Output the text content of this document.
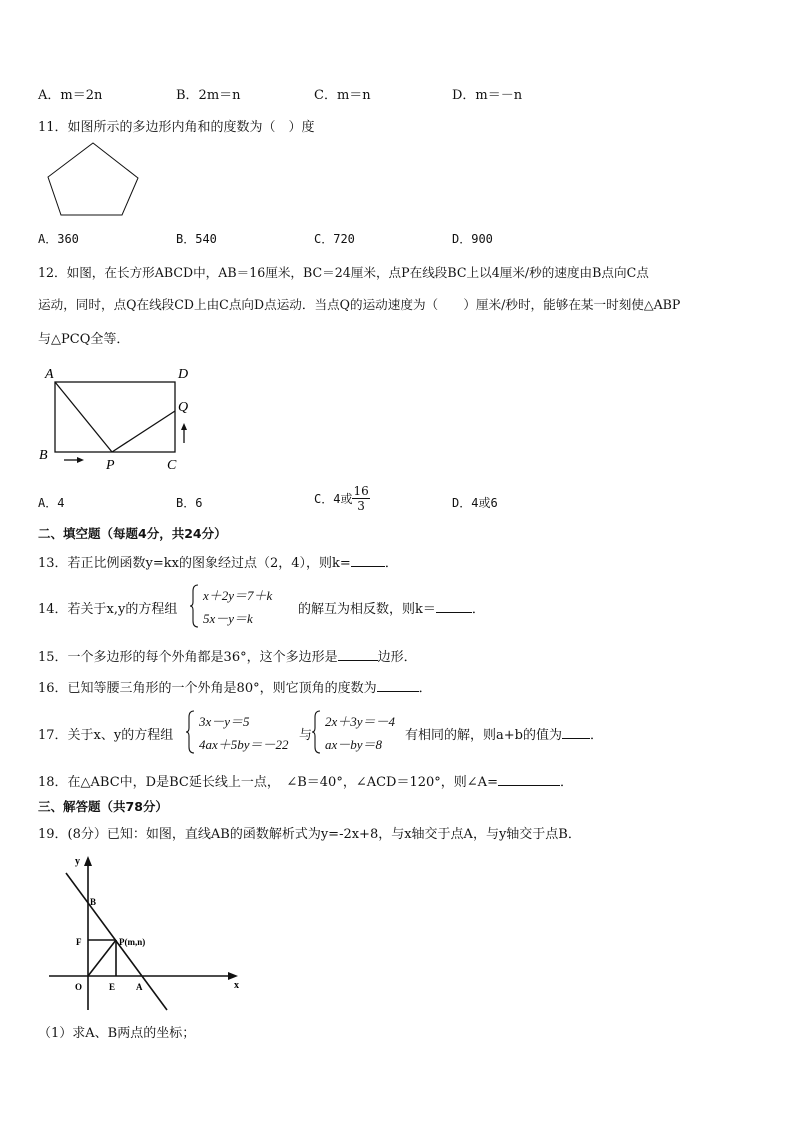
A．m＝2n	B．2m＝n	C．m＝n	D．m＝－n
11．如图所示的多边形内角和的度数为（　）度
A．360	B．540	C．720	D．900
12．如图，在长方形ABCD中，AB＝16厘米，BC＝24厘米，点P在线段BC上以4厘米/秒的速度由B点向C点
运动，同时，点Q在线段CD上由C点向D点运动．当点Q的运动速度为（　　）厘米/秒时，能够在某一时刻使△ABP
与△PCQ全等．
A	D
Q
B
P	C
A．4	B．6	C．4或 $\frac{16}{3}$	D．4或6
二、填空题（每题4分，共24分）
13．若正比例函数y=kx的图象经过点（2，4），则k=	．
14．若关于x,y的方程组
x＋2y＝7＋k
5x－y＝k
的解互为相反数，则k＝	．
15．一个多边形的每个外角都是36°，这个多边形是	边形．
16．已知等腰三角形的一个外角是80°，则它顶角的度数为	．
17．关于x、y的方程组
3x－y＝5
4ax＋5by＝－22
与
2x＋3y＝－4
ax－by＝8
有相同的解，则a+b的值为 ．
18．在△ABC中，D是BC延长线上一点，　∠B＝40°，∠ACD＝120°，则∠A=	．
三、解答题（共78分）
19．(8分）已知：如图，直线AB的函数解析式为y=-2x+8，与x轴交于点A，与y轴交于点B．
y
x
O	E A
B
F	P(m,n)
（1）求A、B两点的坐标；
